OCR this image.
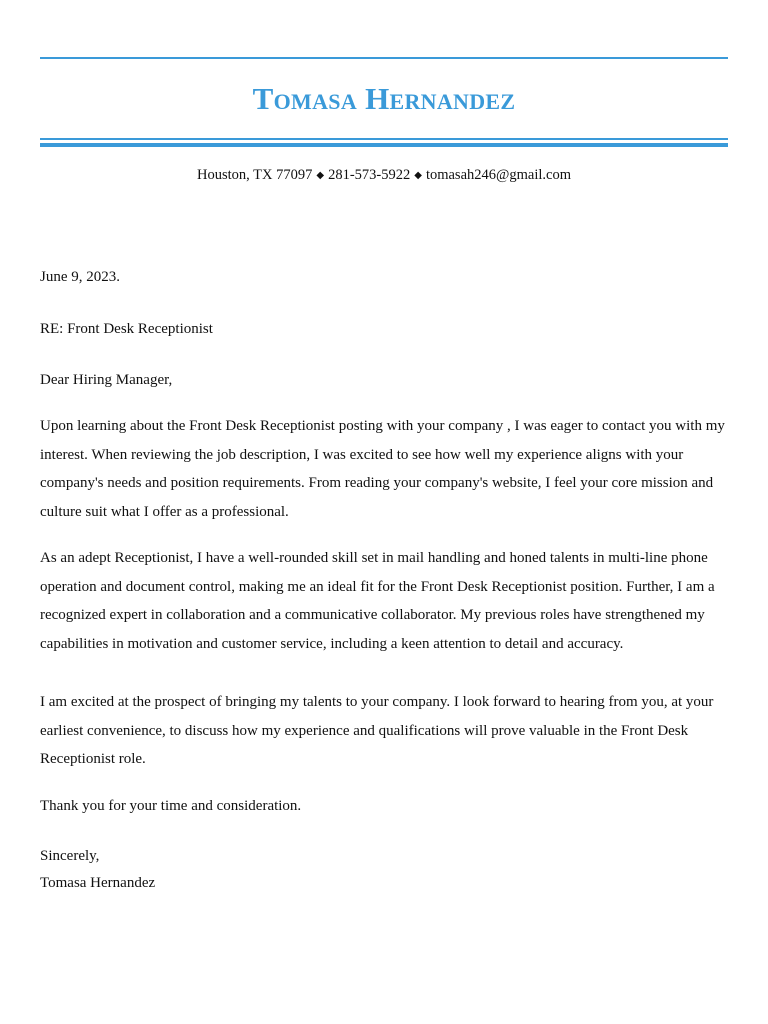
Tomasa Hernandez
Houston, TX 77097 ◆ 281-573-5922 ◆ tomasah246@gmail.com

June 9, 2023.

RE: Front Desk Receptionist

Dear Hiring Manager,

Upon learning about the Front Desk Receptionist posting with your company , I was eager to contact you with my interest. When reviewing the job description, I was excited to see how well my experience aligns with your company's needs and position requirements. From reading your company's website, I feel your core mission and culture suit what I offer as a professional.

As an adept Receptionist, I have a well-rounded skill set in mail handling and honed talents in multi-line phone operation and document control, making me an ideal fit for the Front Desk Receptionist position. Further, I am a recognized expert in collaboration and a communicative collaborator. My previous roles have strengthened my capabilities in motivation and customer service, including a keen attention to detail and accuracy.

I am excited at the prospect of bringing my talents to your company. I look forward to hearing from you, at your earliest convenience, to discuss how my experience and qualifications will prove valuable in the Front Desk Receptionist role.

Thank you for your time and consideration.

Sincerely,
Tomasa Hernandez
